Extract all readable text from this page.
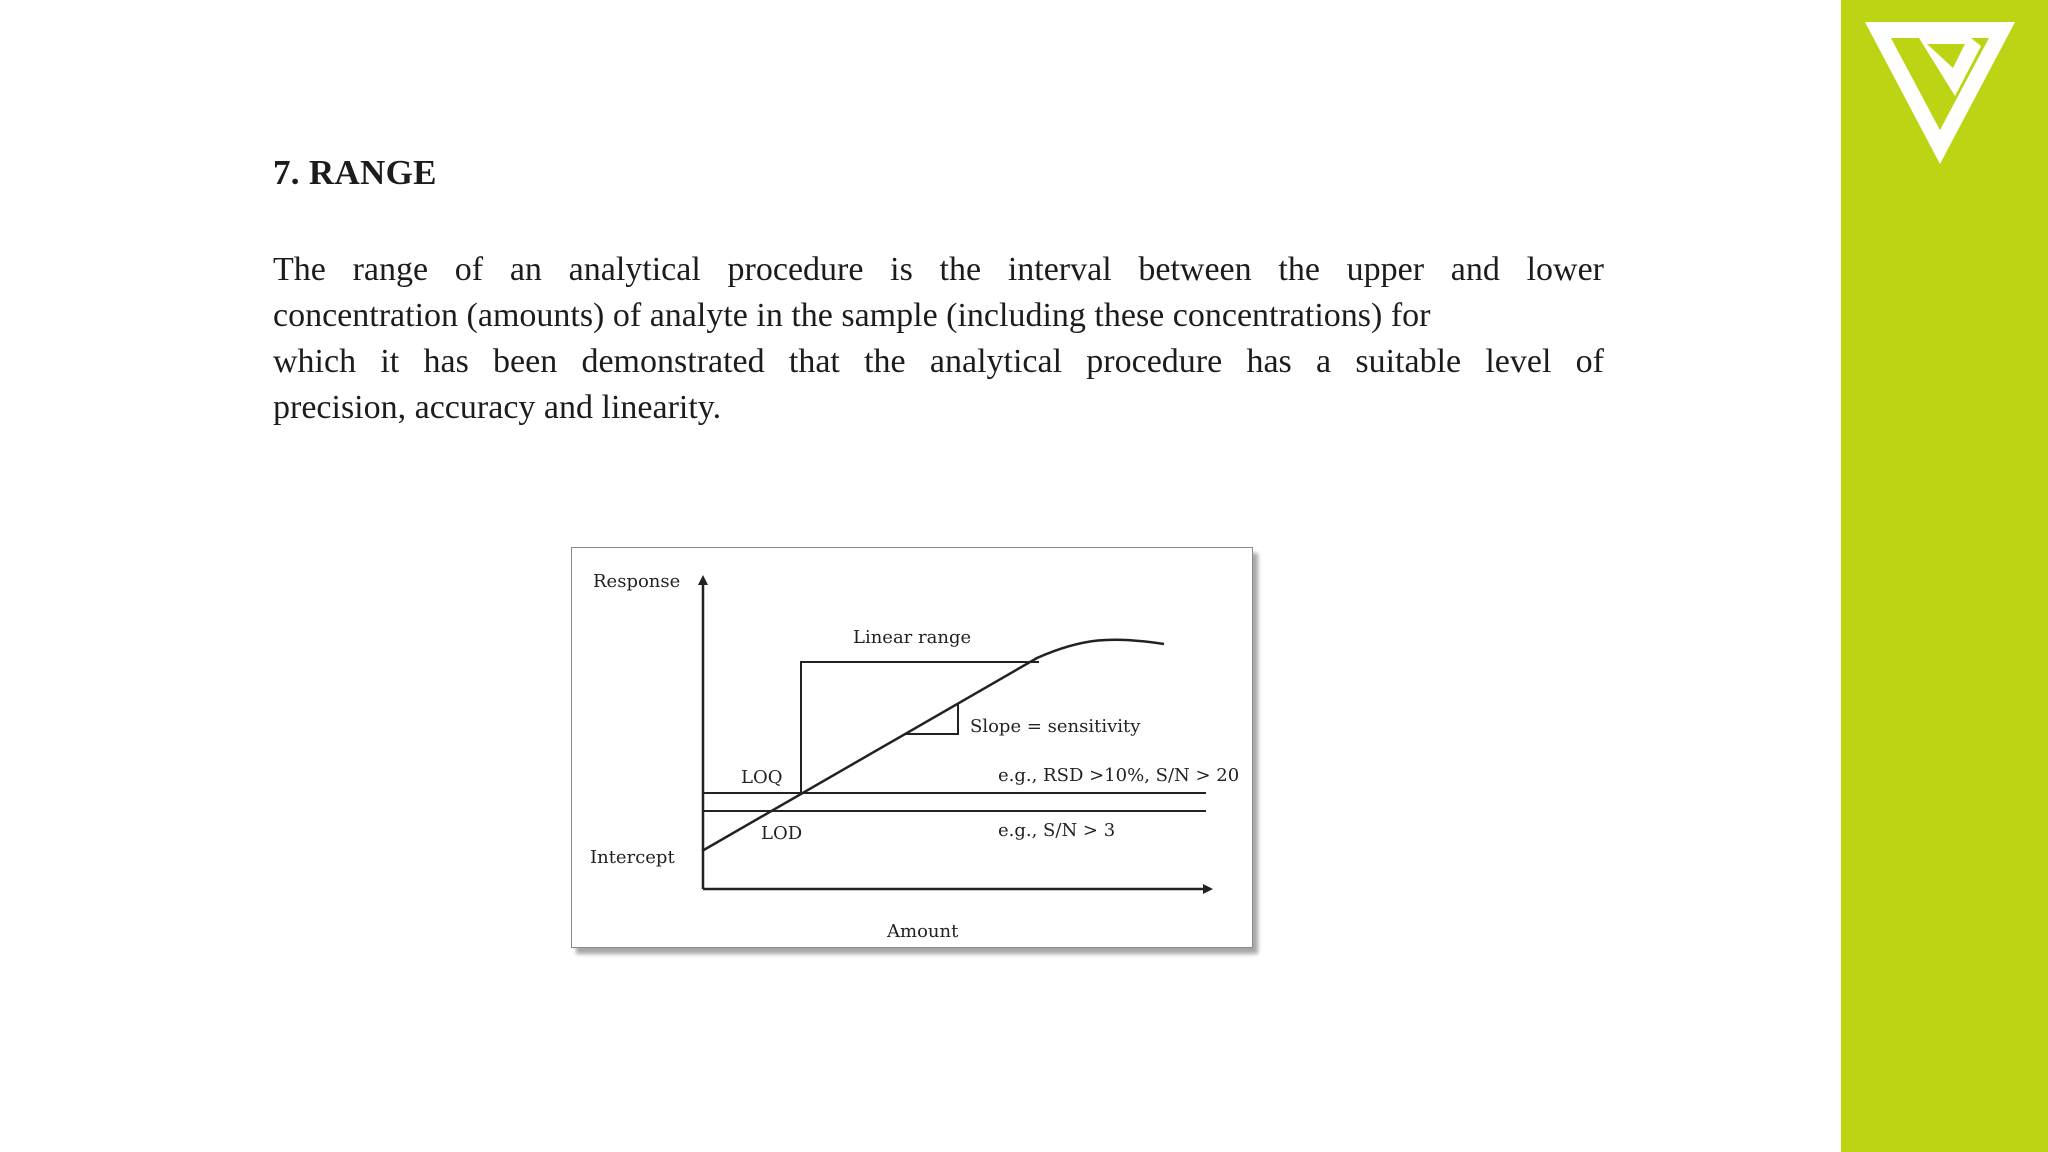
7. RANGE
The range of an analytical procedure is the interval between the upper and lower
concentration (amounts) of analyte in the sample (including these concentrations) for
which it has been demonstrated that the analytical procedure has a suitable level of
precision, accuracy and linearity.
Response
Linear range
Slope = sensitivity
LOQ	e.g., RSD >10%, S/N > 20
LOD	e.g., S/N > 3
Intercept
Amount
